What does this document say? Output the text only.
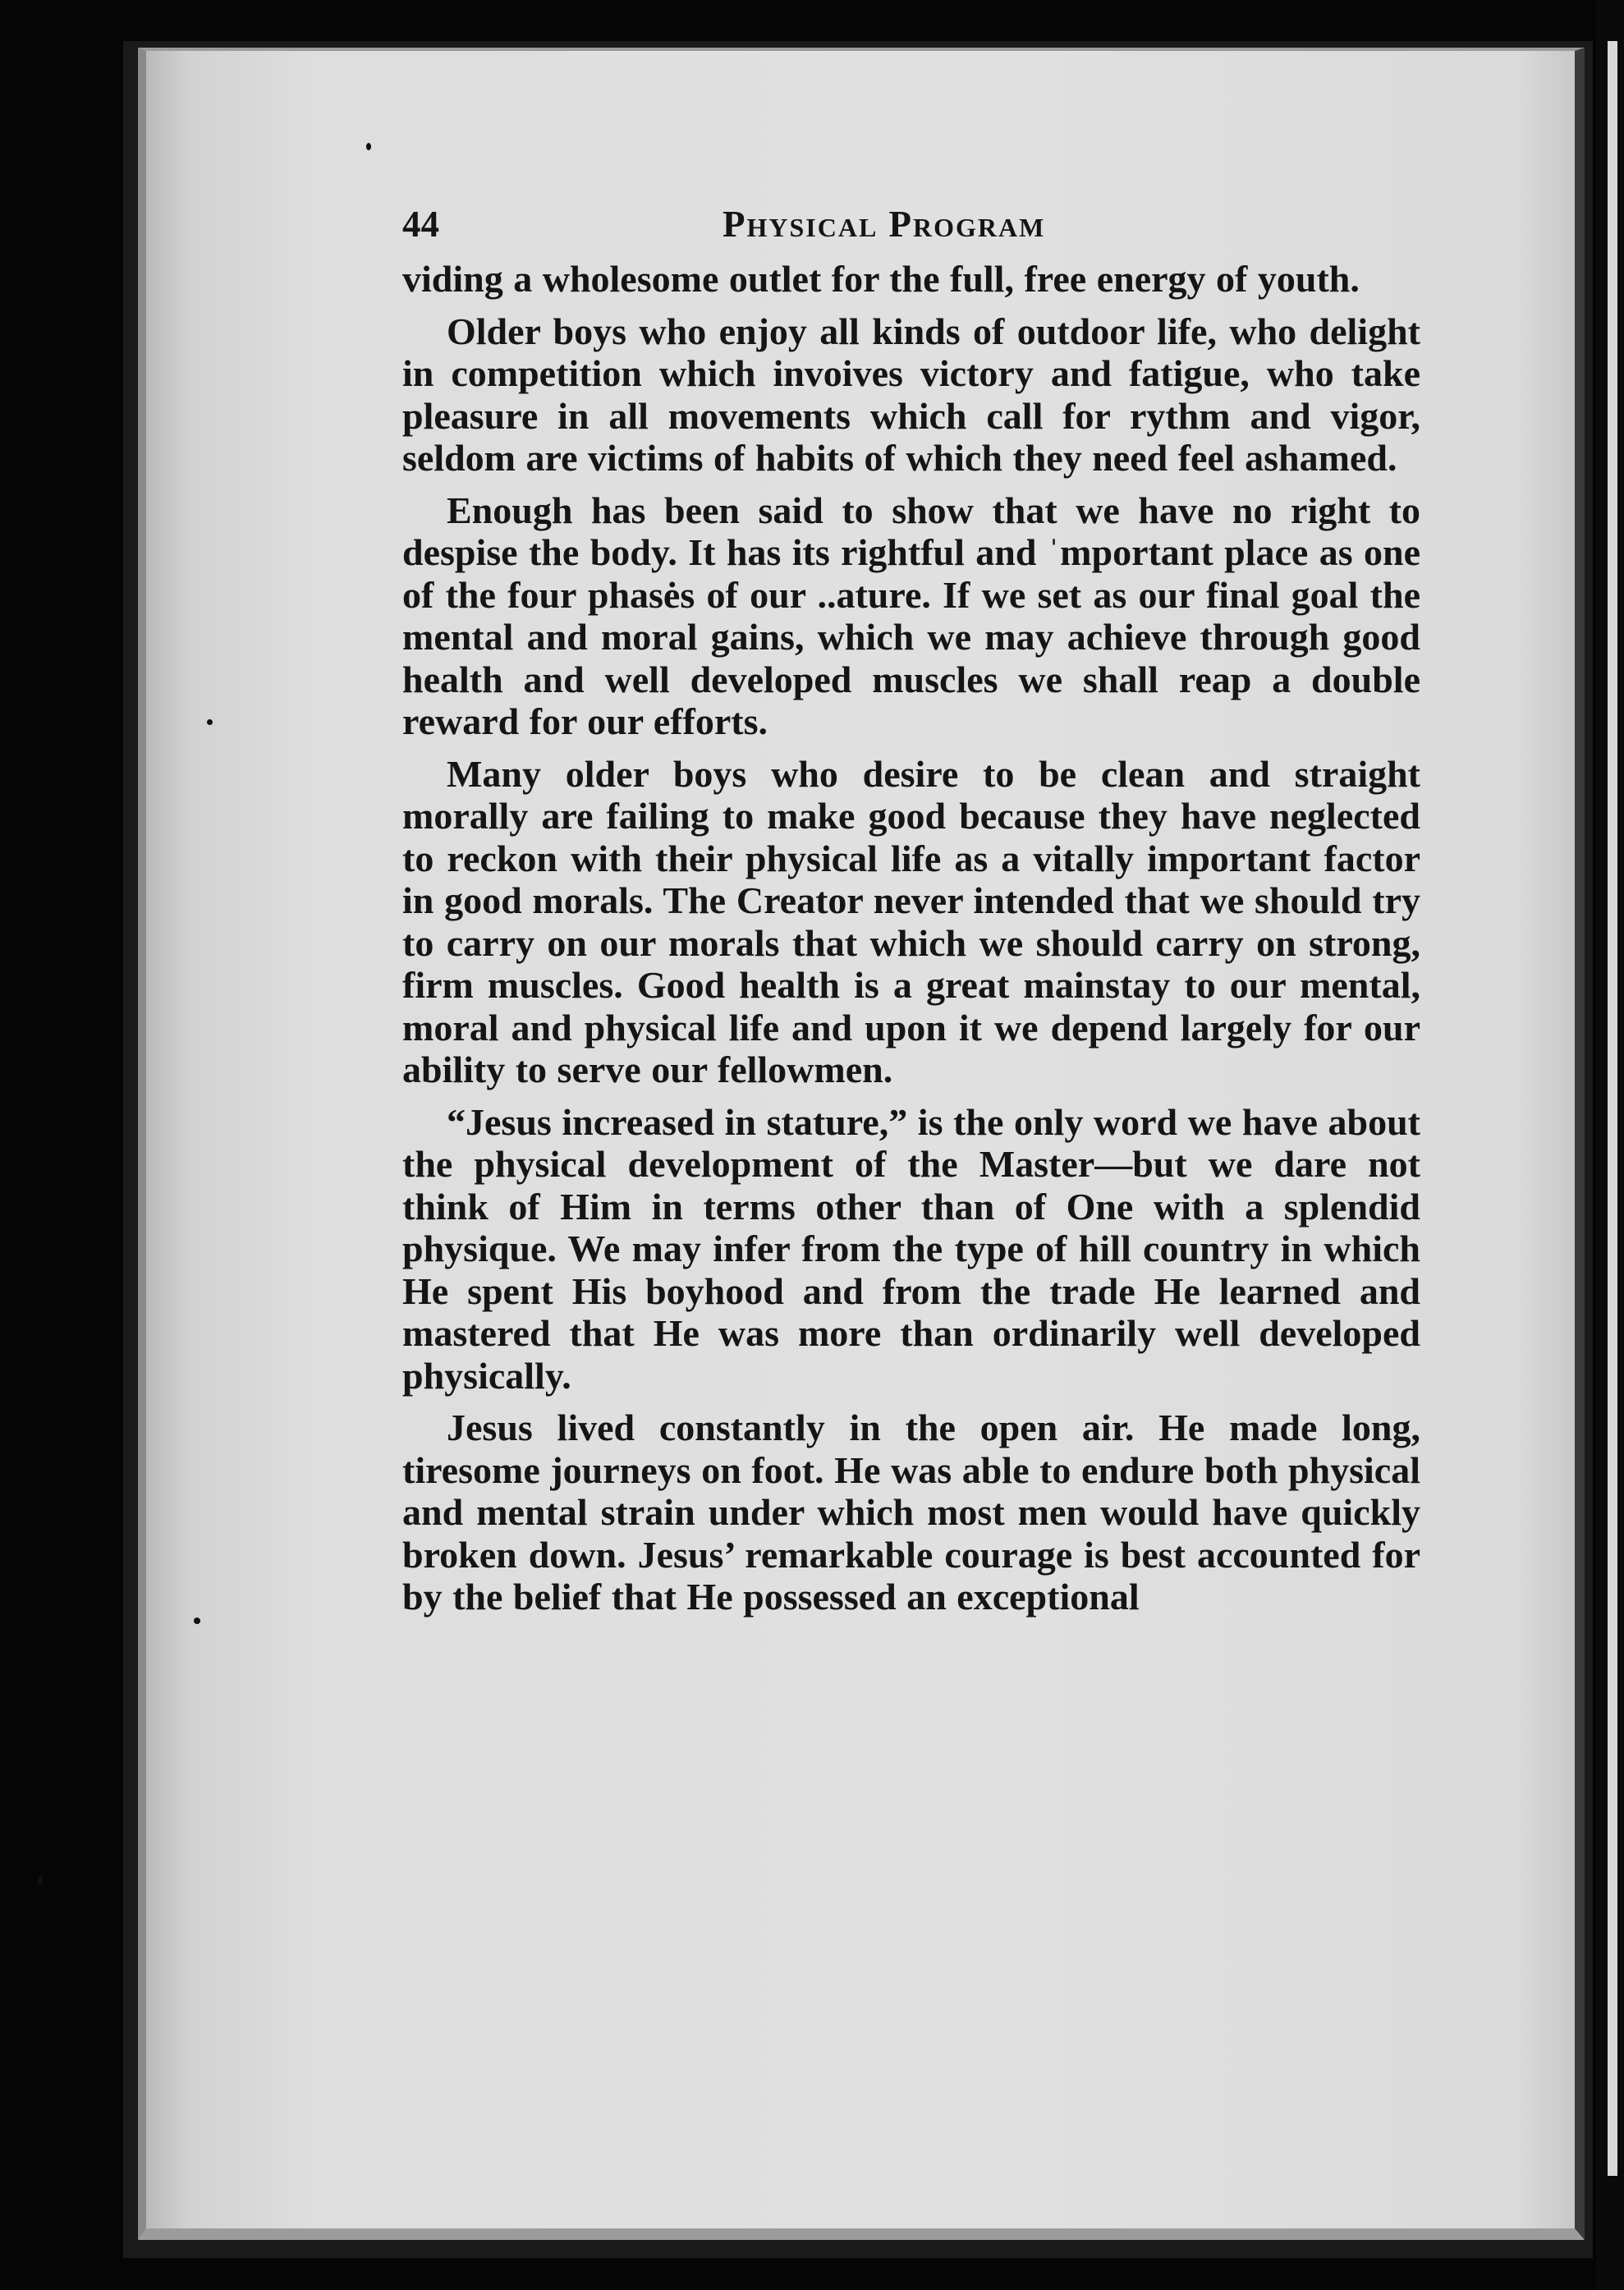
44	Physical Program

viding a wholesome outlet for the full, free energy of youth.

Older boys who enjoy all kinds of outdoor life, who delight in competition which invoives victory and fatigue, who take pleasure in all movements which call for rythm and vigor, seldom are victims of habits of which they need feel ashamed.

Enough has been said to show that we have no right to despise the body. It has its rightful and ˈmportant place as one of the four phasės of our ..ature. If we set as our final goal the mental and moral gains, which we may achieve through good health and well developed muscles we shall reap a double reward for our efforts.

Many older boys who desire to be clean and straight morally are failing to make good because they have neglected to reckon with their physical life as a vitally important factor in good morals. The Creator never intended that we should try to carry on our morals that which we should carry on strong, firm muscles. Good health is a great mainstay to our mental, moral and physical life and upon it we depend largely for our ability to serve our fellowmen.

“Jesus increased in stature,” is the only word we have about the physical development of the Master—but we dare not think of Him in terms other than of One with a splendid physique. We may infer from the type of hill country in which He spent His boyhood and from the trade He learned and mastered that He was more than ordinarily well developed physically.

Jesus lived constantly in the open air. He made long, tiresome journeys on foot. He was able to endure both physical and mental strain under which most men would have quickly broken down. Jesus’ remarkable courage is best accounted for by the belief that He possessed an exceptional
